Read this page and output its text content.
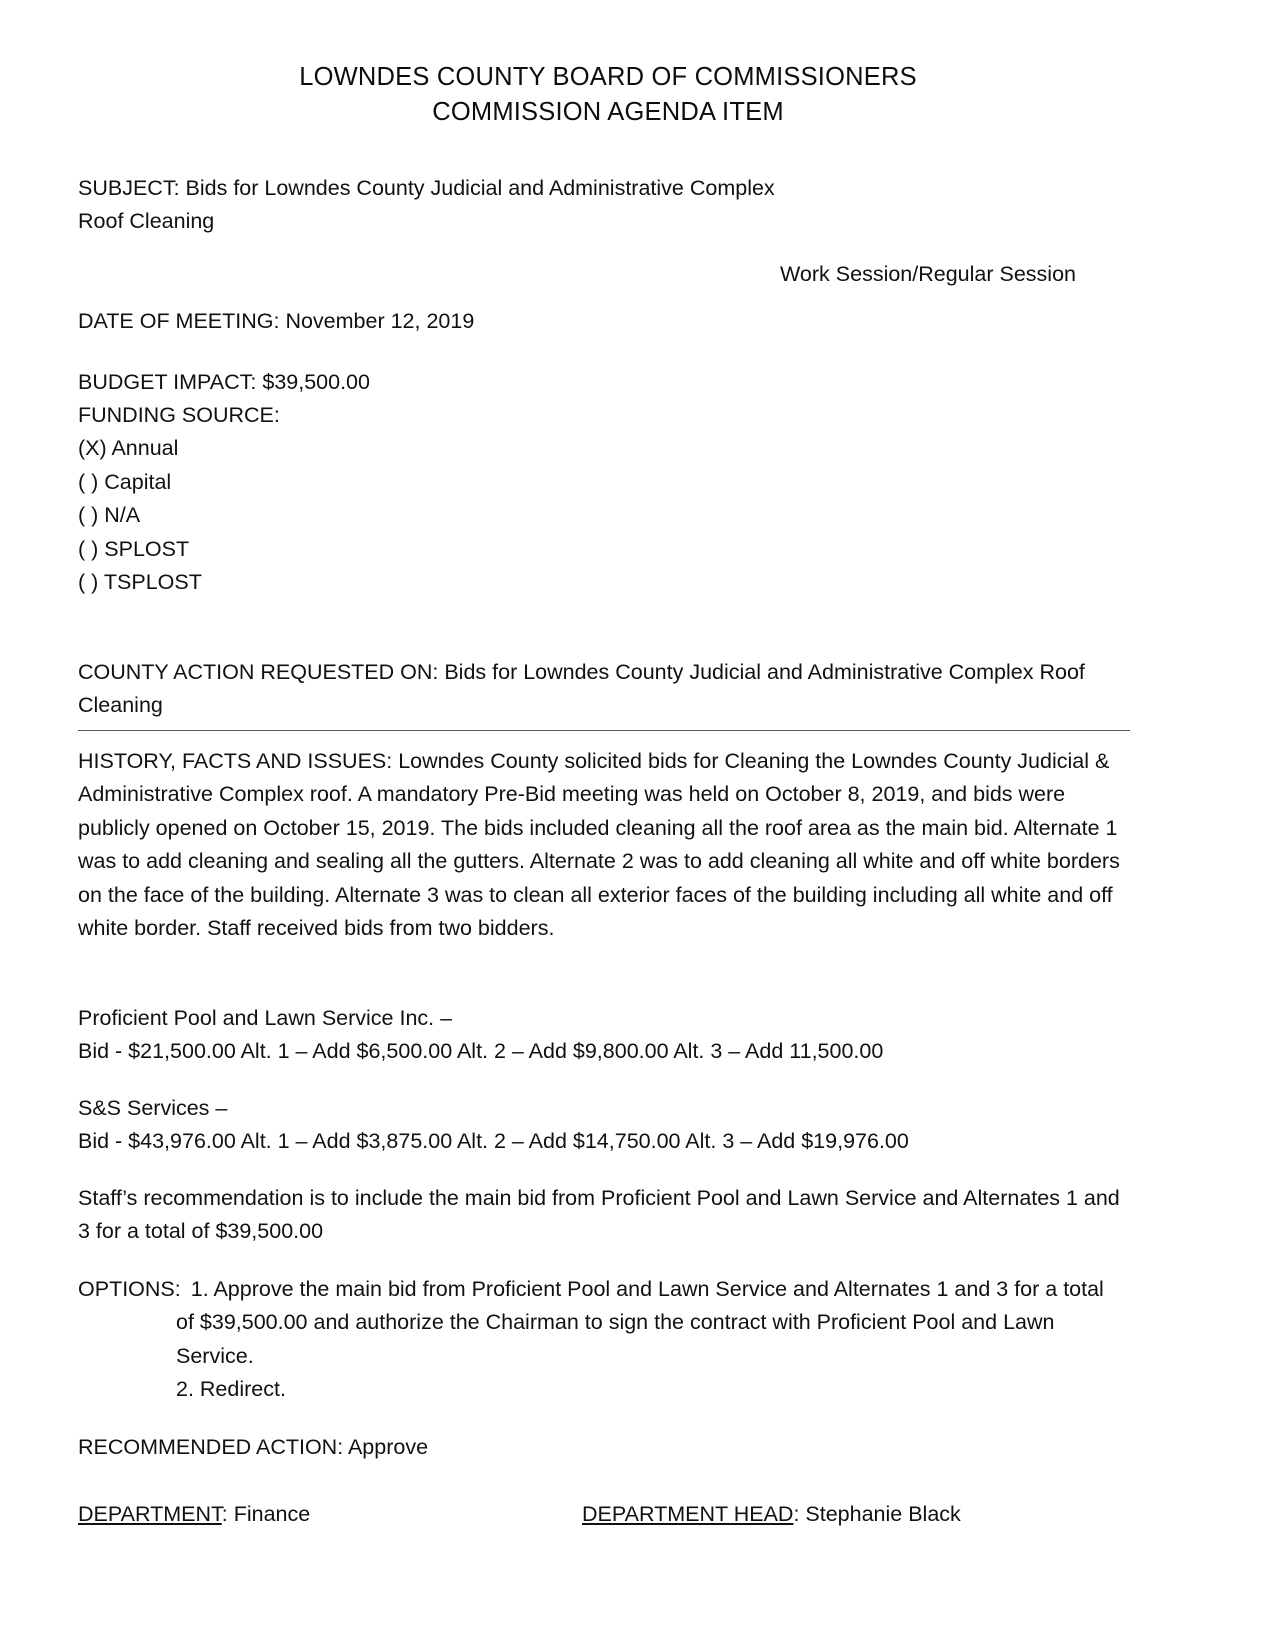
LOWNDES COUNTY BOARD OF COMMISSIONERS
COMMISSION AGENDA ITEM
SUBJECT: Bids for Lowndes County Judicial and Administrative Complex
Roof Cleaning
Work Session/Regular Session
DATE OF MEETING: November 12, 2019
BUDGET IMPACT: $39,500.00
FUNDING SOURCE:
(X) Annual
( ) Capital
( ) N/A
( ) SPLOST
( ) TSPLOST
COUNTY ACTION REQUESTED ON: Bids for Lowndes County Judicial and Administrative Complex Roof
Cleaning
HISTORY, FACTS AND ISSUES: Lowndes County solicited bids for Cleaning the Lowndes County Judicial & Administrative Complex roof. A mandatory Pre-Bid meeting was held on October 8, 2019, and bids were publicly opened on October 15, 2019. The bids included cleaning all the roof area as the main bid. Alternate 1 was to add cleaning and sealing all the gutters. Alternate 2 was to add cleaning all white and off white borders on the face of the building. Alternate 3 was to clean all exterior faces of the building including all white and off white border. Staff received bids from two bidders.
Proficient Pool and Lawn Service Inc. –
Bid - $21,500.00 Alt. 1 – Add $6,500.00 Alt. 2 – Add $9,800.00 Alt. 3 – Add 11,500.00
S&S Services –
Bid - $43,976.00 Alt. 1 – Add $3,875.00 Alt. 2 – Add $14,750.00 Alt. 3 – Add $19,976.00
Staff’s recommendation is to include the main bid from Proficient Pool and Lawn Service and Alternates 1 and 3 for a total of $39,500.00
OPTIONS: 1. Approve the main bid from Proficient Pool and Lawn Service and Alternates 1 and 3 for a total
of $39,500.00 and authorize the Chairman to sign the contract with Proficient Pool and Lawn
Service.
2. Redirect.
RECOMMENDED ACTION: Approve
DEPARTMENT: Finance	DEPARTMENT HEAD: Stephanie Black
